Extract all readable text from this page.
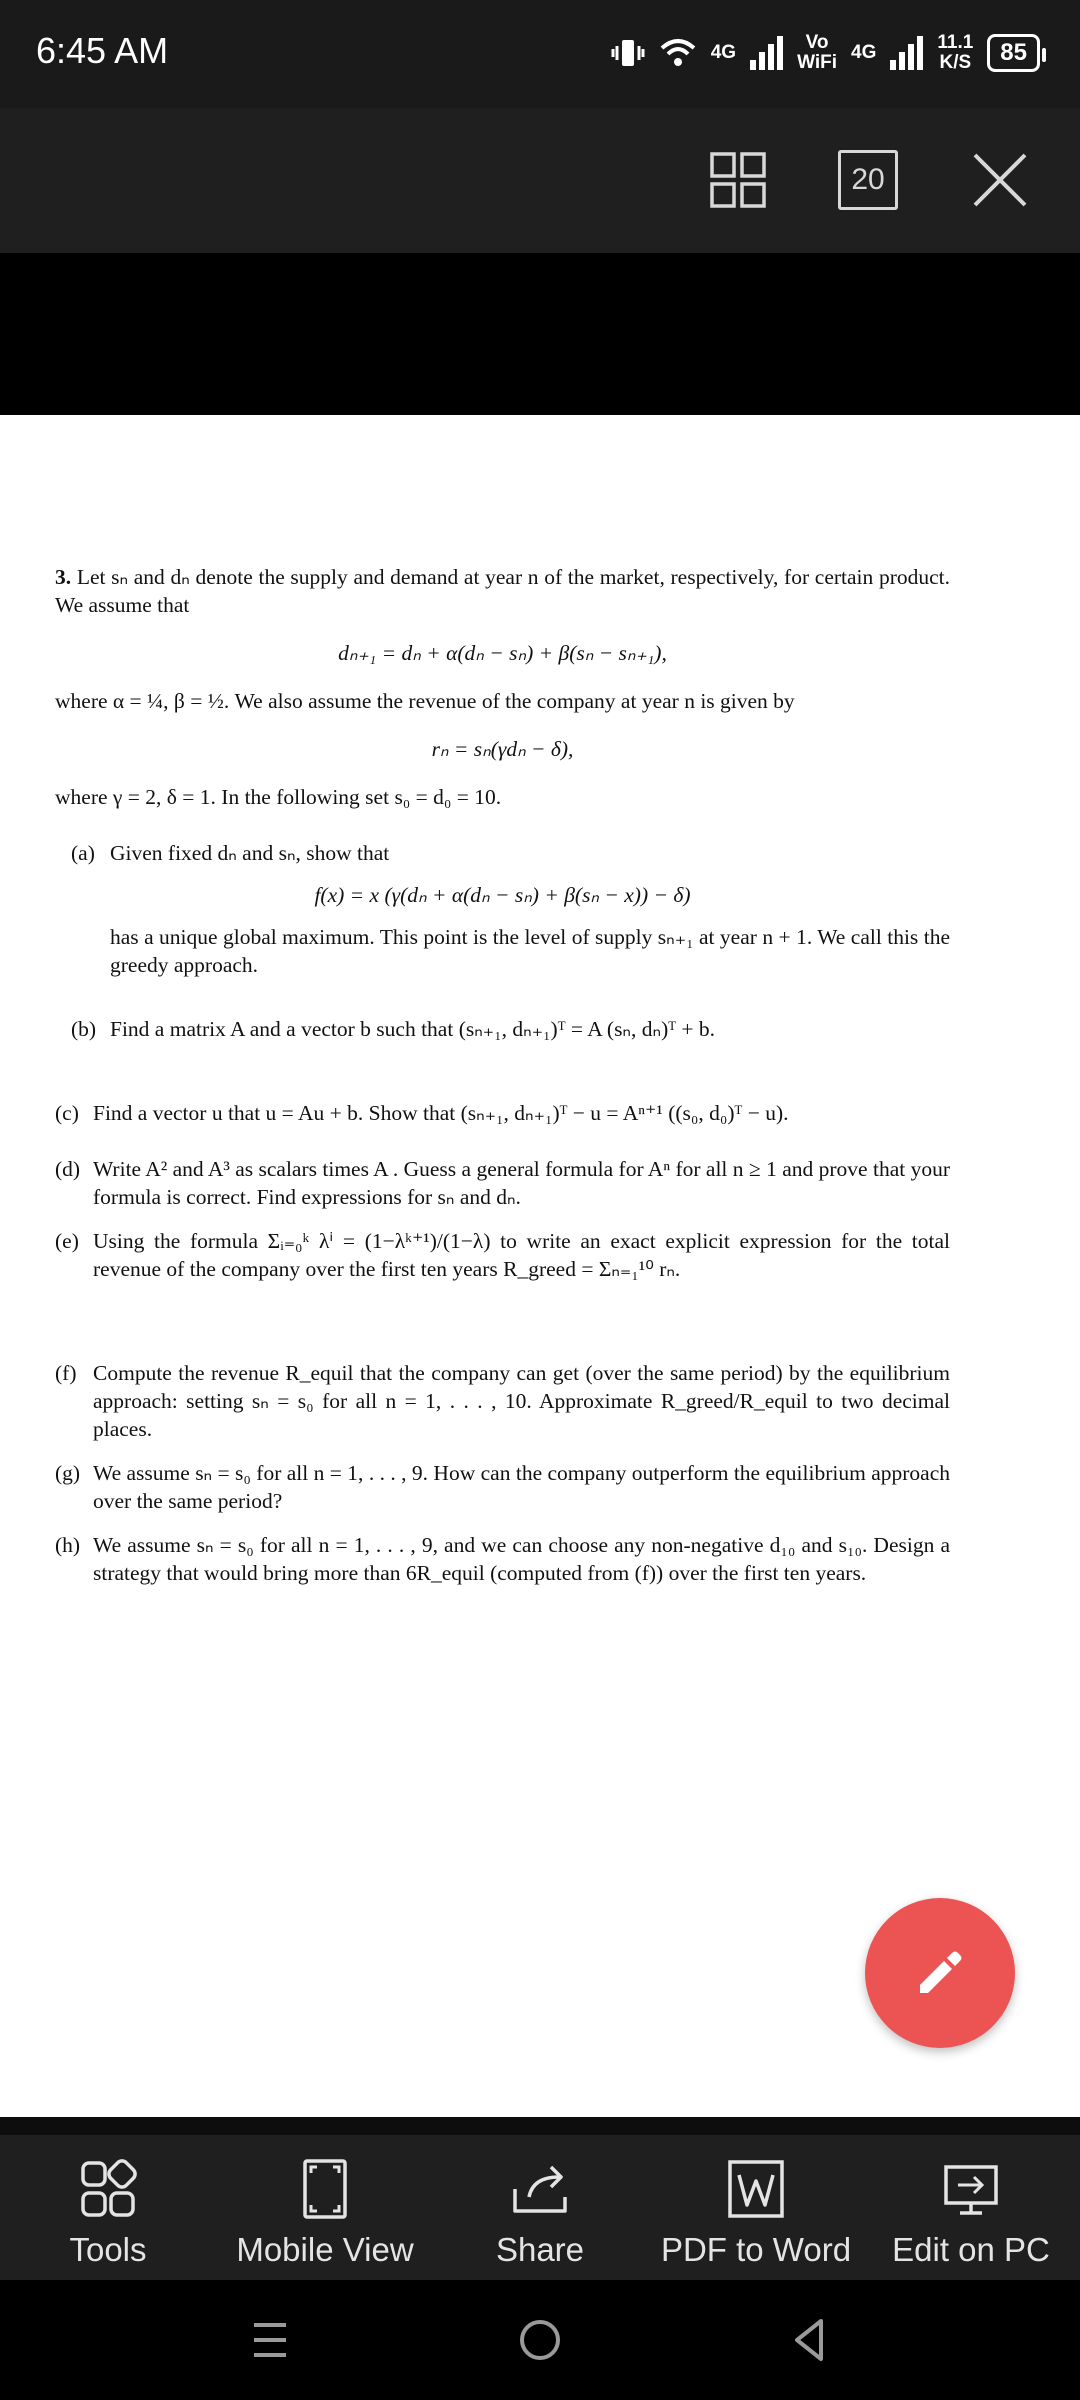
6:45 AM	4G	Vo
WiFi 4G	11.1
K/S	85
20

3. Let sₙ and dₙ denote the supply and demand at year n of the market, respectively, for certain product. We assume that

dₙ₊₁ = dₙ + α(dₙ − sₙ) + β(sₙ − sₙ₊₁),

where α = ¼, β = ½. We also assume the revenue of the company at year n is given by

rₙ = sₙ(γdₙ − δ),

where γ = 2, δ = 1. In the following set s₀ = d₀ = 10.

(a) Given fixed dₙ and sₙ, show that

f(x) = x (γ(dₙ + α(dₙ − sₙ) + β(sₙ − x)) − δ)

has a unique global maximum. This point is the level of supply sₙ₊₁ at year n + 1. We call this the greedy approach.
(b) Find a matrix A and a vector b such that (sₙ₊₁, dₙ₊₁)ᵀ = A (sₙ, dₙ)ᵀ + b.
(c) Find a vector u that u = Au + b. Show that (sₙ₊₁, dₙ₊₁)ᵀ − u = Aⁿ⁺¹ ((s₀, d₀)ᵀ − u).
(d) Write A² and A³ as scalars times A . Guess a general formula for Aⁿ for all n ≥ 1 and prove that your formula is correct. Find expressions for sₙ and dₙ.
(e) Using the formula Σᵢ₌₀ᵏ λⁱ = (1−λᵏ⁺¹)/(1−λ) to write an exact explicit expression for the total revenue of the company over the first ten years R_greed = Σₙ₌₁¹⁰ rₙ.
(f) Compute the revenue R_equil that the company can get (over the same period) by the equilibrium approach: setting sₙ = s₀ for all n = 1, . . . , 10. Approximate R_greed/R_equil to two decimal places.
(g) We assume sₙ = s₀ for all n = 1, . . . , 9. How can the company outperform the equilibrium approach over the same period?
(h) We assume sₙ = s₀ for all n = 1, . . . , 9, and we can choose any non-negative d₁₀ and s₁₀. Design a strategy that would bring more than 6R_equil (computed from (f)) over the first ten years.
Tools	Mobile View Share PDF to Word Edit on PC
